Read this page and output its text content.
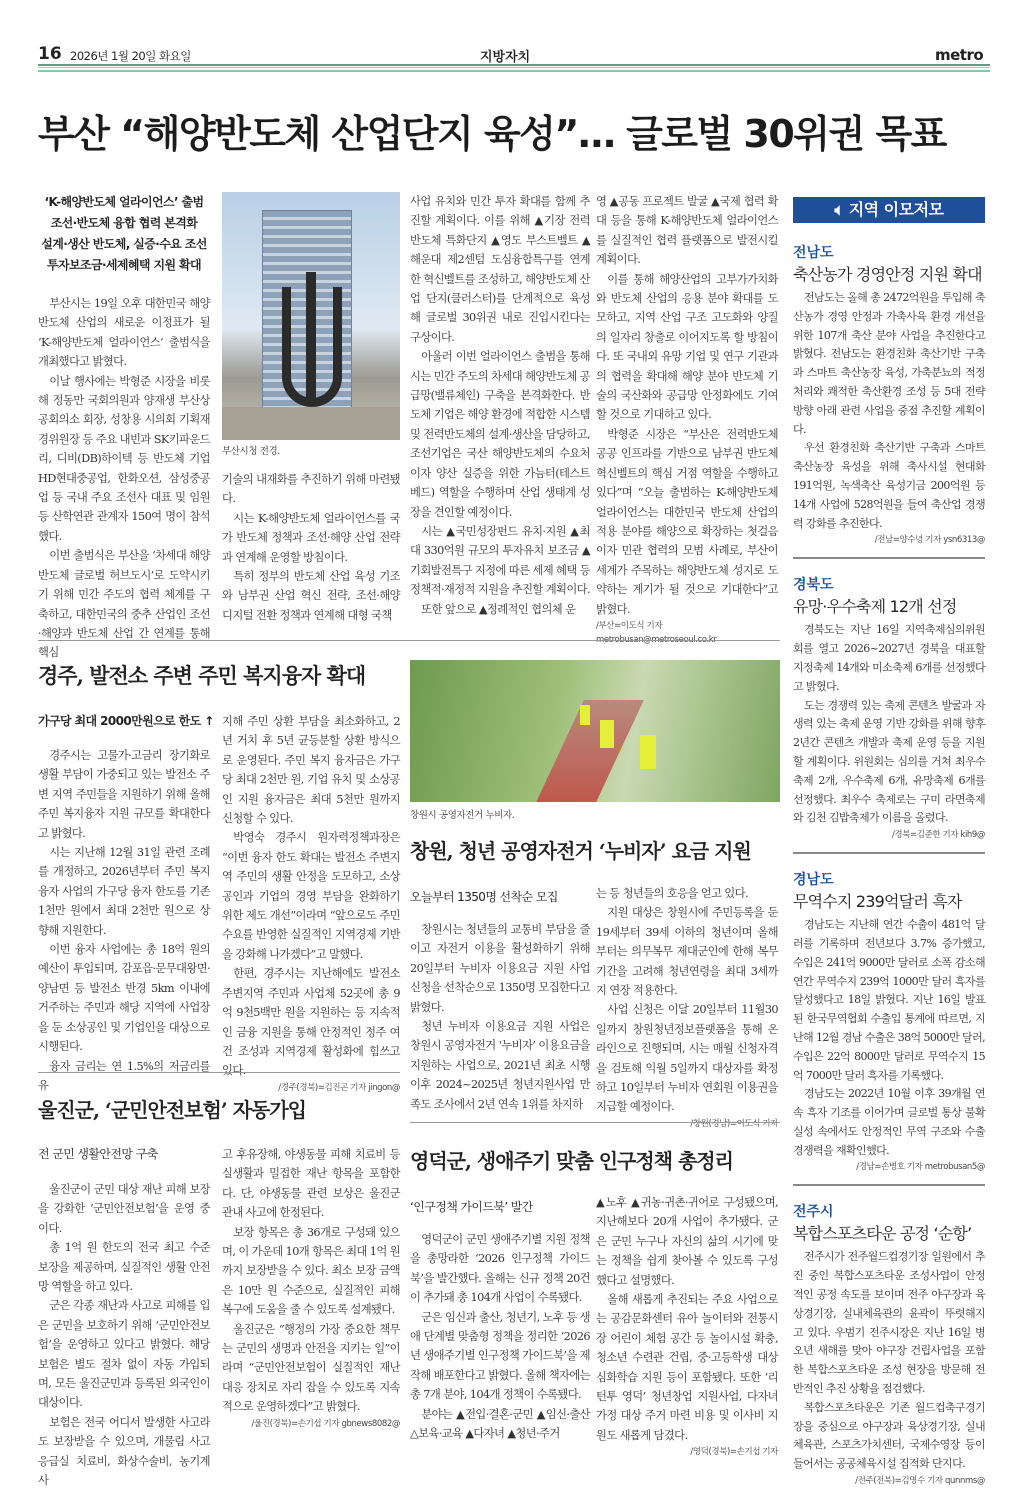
16 2026년 1월 20일 화요일	지방자치	metro
부산 “해양반도체 산업단지 육성”… 글로벌 30위권 목표
‘K-해양반도체 얼라이언스’ 출범
조선·반도체 융합 협력 본격화
설계·생산 반도체, 실증·수요 조선
투자보조금·세제혜택 지원 확대

부산시는 19일 오후 대한민국 해양반도체 산업의 새로운 이정표가 될 ‘K-해양반도체 얼라이언스’ 출범식을 개최했다고 밝혔다.

이날 행사에는 박형준 시장을 비롯해 정동만 국회의원과 양재생 부산상공회의소 회장, 성창용 시의회 기획재경위원장 등 주요 내빈과 SK키파운드리, 디비(DB)하이텍 등 반도체 기업 HD현대중공업, 한화오션, 삼성중공업 등 국내 주요 조선사 대표 및 임원 등 산학연관 관계자 150여 명이 참석했다.

이번 출범식은 부산을 ‘차세대 해양반도체 글로벌 허브도시’로 도약시키기 위해 민간 주도의 협력 체계를 구축하고, 대한민국의 중추 산업인 조선·해양과 반도체 산업 간 연계를 통해 핵심

부산시청 전경.

기술의 내재화를 추진하기 위해 마련됐다.

시는 K-해양반도체 얼라이언스를 국가 반도체 정책과 조선·해양 산업 전략과 연계해 운영할 방침이다.

특히 정부의 반도체 산업 육성 기조와 남부권 산업 혁신 전략, 조선·해양 디지털 전환 정책과 연계해 대형 국책

사업 유치와 민간 투자 확대를 함께 추진할 계획이다. 이를 위해 ▲기장 전력반도체 특화단지 ▲영도 부스트벨트 ▲해운대 제2센텀 도심융합특구를 연계한 혁신벨트를 조성하고, 해양반도체 산업 단지(클러스터)를 단계적으로 육성해 글로벌 30위권 내로 진입시킨다는 구상이다.

아울러 이번 얼라이언스 출범을 통해 시는 민간 주도의 차세대 해양반도체 공급망(밸류체인) 구축을 본격화한다. 반도체 기업은 해양 환경에 적합한 시스템 및 전력반도체의 설계·생산을 담당하고, 조선기업은 국산 해양반도체의 수요처이자 양산 실증을 위한 가늠터(테스트 베드) 역할을 수행하며 산업 생태계 성장을 견인할 예정이다.

시는 ▲국민성장펀드 유치·지원 ▲최대 330억원 규모의 투자유치 보조금 ▲기회발전특구 지정에 따른 세제 혜택 등 정책적·재정적 지원을 추진할 계획이다.

또한 앞으로 ▲정례적인 협의체 운

영 ▲공동 프로젝트 발굴 ▲국제 협력 확대 등을 통해 K-해양반도체 얼라이언스를 실질적인 협력 플랫폼으로 발전시킬 계획이다.

이를 통해 해양산업의 고부가가치화와 반도체 산업의 응용 분야 확대를 도모하고, 지역 산업 구조 고도화와 양질의 일자리 창출로 이어지도록 할 방침이다. 또 국내외 유망 기업 및 연구 기관과의 협력을 확대해 해양 분야 반도체 기술의 국산화와 공급망 안정화에도 기여할 것으로 기대하고 있다.

박형준 시장은 “부산은 전력반도체 공공 인프라를 기반으로 남부권 반도체 혁신벨트의 핵심 거점 역할을 수행하고 있다”며 “오늘 출범하는 K-해양반도체 얼라이언스는 대한민국 반도체 산업의 적용 분야를 해양으로 확장하는 첫걸음이자 민관 협력의 모범 사례로, 부산이 세계가 주목하는 해양반도체 성지로 도약하는 계기가 될 것으로 기대한다”고 밝혔다.

/부산=이도식 기자 metrobusan@metroseoul.co.kr
경주, 발전소 주변 주민 복지융자 확대
가구당 최대 2000만원으로 한도 ↑

경주시는 고물가·고금리 장기화로 생활 부담이 가중되고 있는 발전소 주변 지역 주민들을 지원하기 위해 올해 주민 복지융자 지원 규모를 확대한다고 밝혔다.

시는 지난해 12월 31일 관련 조례를 개정하고, 2026년부터 주민 복지융자 사업의 가구당 융자 한도를 기존 1천만 원에서 최대 2천만 원으로 상향해 지원한다.

이번 융자 사업에는 총 18억 원의 예산이 투입되며, 감포읍·문무대왕면·양남면 등 발전소 반경 5km 이내에 거주하는 주민과 해당 지역에 사업장을 둔 소상공인 및 기업인을 대상으로 시행된다.

융자 금리는 연 1.5%의 저금리를 유

지해 주민 상환 부담을 최소화하고, 2년 거치 후 5년 균등분할 상환 방식으로 운영된다. 주민 복지 융자금은 가구당 최대 2천만 원, 기업 유치 및 소상공인 지원 융자금은 최대 5천만 원까지 신청할 수 있다.

박영숙 경주시 원자력정책과장은 “이번 융자 한도 확대는 발전소 주변지역 주민의 생활 안정을 도모하고, 소상공인과 기업의 경영 부담을 완화하기 위한 제도 개선”이라며 “앞으로도 주민 수요를 반영한 실질적인 지역경제 기반을 강화해 나가겠다”고 말했다.

한편, 경주시는 지난해에도 발전소 주변지역 주민과 사업체 52곳에 총 9억 9천5백만 원을 지원하는 등 지속적인 금융 지원을 통해 안정적인 정주 여건 조성과 지역경제 활성화에 힘쓰고 있다.

/경주(경북)=김진곤 기자 jingon@
창원시 공영자전거 누비자.
창원, 청년 공영자전거 ‘누비자’ 요금 지원
오늘부터 1350명 선착순 모집

창원시는 청년들의 교통비 부담을 줄이고 자전거 이용을 활성화하기 위해 20일부터 누비자 이용요금 지원 사업 신청을 선착순으로 1350명 모집한다고 밝혔다.

청년 누비자 이용요금 지원 사업은 창원시 공영자전거 ‘누비자’ 이용요금을 지원하는 사업으로, 2021년 최초 시행 이후 2024~2025년 청년지원사업 만족도 조사에서 2년 연속 1위를 차지하

는 등 청년들의 호응을 얻고 있다.

지원 대상은 창원시에 주민등록을 둔 19세부터 39세 이하의 청년이며 올해부터는 의무복무 제대군인에 한해 복무기간을 고려해 청년연령을 최대 3세까지 연장 적용한다.

사업 신청은 이달 20일부터 11월30일까지 창원청년정보플랫폼을 통해 온라인으로 진행되며, 시는 매월 신청자격을 검토해 익월 5일까지 대상자를 확정하고 10일부터 누비자 연회원 이용권을 지급할 예정이다.

/창원(경남)=이도식 기자
울진군, ‘군민안전보험’ 자동가입
전 군민 생활안전망 구축

울진군이 군민 대상 재난 피해 보장을 강화한 ‘군민안전보험’을 운영 중이다.

총 1억 원 한도의 전국 최고 수준 보장을 제공하며, 실질적인 생활 안전망 역할을 하고 있다.

군은 각종 재난과 사고로 피해를 입은 군민을 보호하기 위해 ‘군민안전보험’을 운영하고 있다고 밝혔다. 해당 보험은 별도 절차 없이 자동 가입되며, 모든 울진군민과 등록된 외국인이 대상이다.

보험은 전국 어디서 발생한 사고라도 보장받을 수 있으며, 개물림 사고 응급실 치료비, 화상수술비, 농기계 사

고 후유장해, 야생동물 피해 치료비 등 실생활과 밀접한 재난 항목을 포함한다. 단, 야생동물 관련 보상은 울진군 관내 사고에 한정된다.

보장 항목은 총 36개로 구성돼 있으며, 이 가운데 10개 항목은 최대 1억 원까지 보장받을 수 있다. 최소 보장 금액은 10만 원 수준으로, 실질적인 피해 복구에 도움을 줄 수 있도록 설계됐다.

울진군은 “행정의 가장 중요한 책무는 군민의 생명과 안전을 지키는 일”이라며 “군민안전보험이 실질적인 재난 대응 장치로 자리 잡을 수 있도록 지속적으로 운영하겠다”고 밝혔다.

/울진(경북)=손기섭 기자 gbnews8082@
영덕군, 생애주기 맞춤 인구정책 총정리
‘인구정책 가이드북’ 발간

영덕군이 군민 생애주기별 지원 정책을 총망라한 ‘2026 인구정책 가이드북’을 발간했다. 올해는 신규 정책 20건이 추가돼 총 104개 사업이 수록됐다.

군은 임신과 출산, 청년기, 노후 등 생애 단계별 맞춤형 정책을 정리한 ‘2026년 생애주기별 인구정책 가이드북’을 제작해 배포한다고 밝혔다. 올해 책자에는 총 7개 분야, 104개 정책이 수록됐다.

분야는 ▲전입·결혼·군민 ▲임신·출산 △보육·교육 ▲다자녀 ▲청년·주거

▲노후 ▲귀농·귀촌·귀어로 구성됐으며, 지난해보다 20개 사업이 추가됐다. 군은 군민 누구나 자신의 삶의 시기에 맞는 정책을 쉽게 찾아볼 수 있도록 구성했다고 설명했다.

올해 새롭게 추진되는 주요 사업으로는 공감문화센터 유아 놀이터와 전통시장 어린이 체험 공간 등 놀이시설 확충, 청소년 수련관 건립, 중·고등학생 대상 심화학습 지원 등이 포함됐다. 또한 ‘리턴투 영덕’ 청년창업 지원사업, 다자녀 가정 대상 주거 마련 비용 및 이사비 지원도 새롭게 담겼다.

/영덕(경북)=손기섭 기자
🔈︎ 지역 이모저모
전남도
축산농가 경영안정 지원 확대

전남도는 올해 총 2472억원을 투입해 축산농가 경영 안정과 가축사육 환경 개선을 위한 107개 축산 분야 사업을 추진한다고 밝혔다. 전남도는 환경친화 축산기반 구축과 스마트 축산농장 육성, 가축분뇨의 적정 처리와 쾌적한 축산환경 조성 등 5대 전략 방향 아래 관련 사업을 중점 추진할 계획이다.

우선 환경친화 축산기반 구축과 스마트 축산농장 육성을 위해 축사시설 현대화 191억원, 녹색축산 육성기금 200억원 등 14개 사업에 528억원을 들여 축산업 경쟁력 강화를 추진한다.

/전남=양수녕 기자 ysn6313@
경북도
유망·우수축제 12개 선정

경북도는 지난 16일 지역축제심의위원회를 열고 2026~2027년 경북을 대표할 지정축제 14개와 미소축제 6개를 선정했다고 밝혔다.

도는 경쟁력 있는 축제 콘텐츠 발굴과 자생력 있는 축제 운영 기반 강화를 위해 향후 2년간 콘텐츠 개발과 축제 운영 등을 지원할 계획이다. 위원회는 심의를 거쳐 최우수 축제 2개, 우수축제 6개, 유망축제 6개를 선정했다. 최우수 축제로는 구미 라면축제와 김천 김밥축제가 이름을 올렸다.

/경북=김준한 기자 kih9@
경남도
무역수지 239억달러 흑자

경남도는 지난해 연간 수출이 481억 달러를 기록하며 전년보다 3.7% 증가했고, 수입은 241억 9000만 달러로 소폭 감소해 연간 무역수지 239억 1000만 달러 흑자를 달성했다고 18일 밝혔다. 지난 16일 발표된 한국무역협회 수출입 통계에 따르면, 지난해 12월 경남 수출은 38억 5000만 달러, 수입은 22억 8000만 달러로 무역수지 15억 7000만 달러 흑자를 기록했다.

경남도는 2022년 10월 이후 39개월 연속 흑자 기조를 이어가며 글로벌 통상 불확실성 속에서도 안정적인 무역 구조와 수출 경쟁력을 재확인했다.

/경남=손병호 기자 metrobusan5@
전주시
복합스포츠타운 공정 ‘순항’

전주시가 전주월드컵경기장 일원에서 추진 중인 복합스포츠타운 조성사업이 안정적인 공정 속도를 보이며 전주 야구장과 육상경기장, 실내체육관의 윤곽이 뚜렷해지고 있다. 우범기 전주시장은 지난 16일 병오년 새해를 맞아 야구장 건립사업을 포함한 복합스포츠타운 조성 현장을 방문해 전반적인 추진 상황을 점검했다.

복합스포츠타운은 기존 월드컵축구경기장을 중심으로 야구장과 육상경기장, 실내체육관, 스포츠가치센터, 국제수영장 등이 들어서는 공공체육시설 집적화 단지다.

/전주(전북)=김명수 기자 qunnms@
